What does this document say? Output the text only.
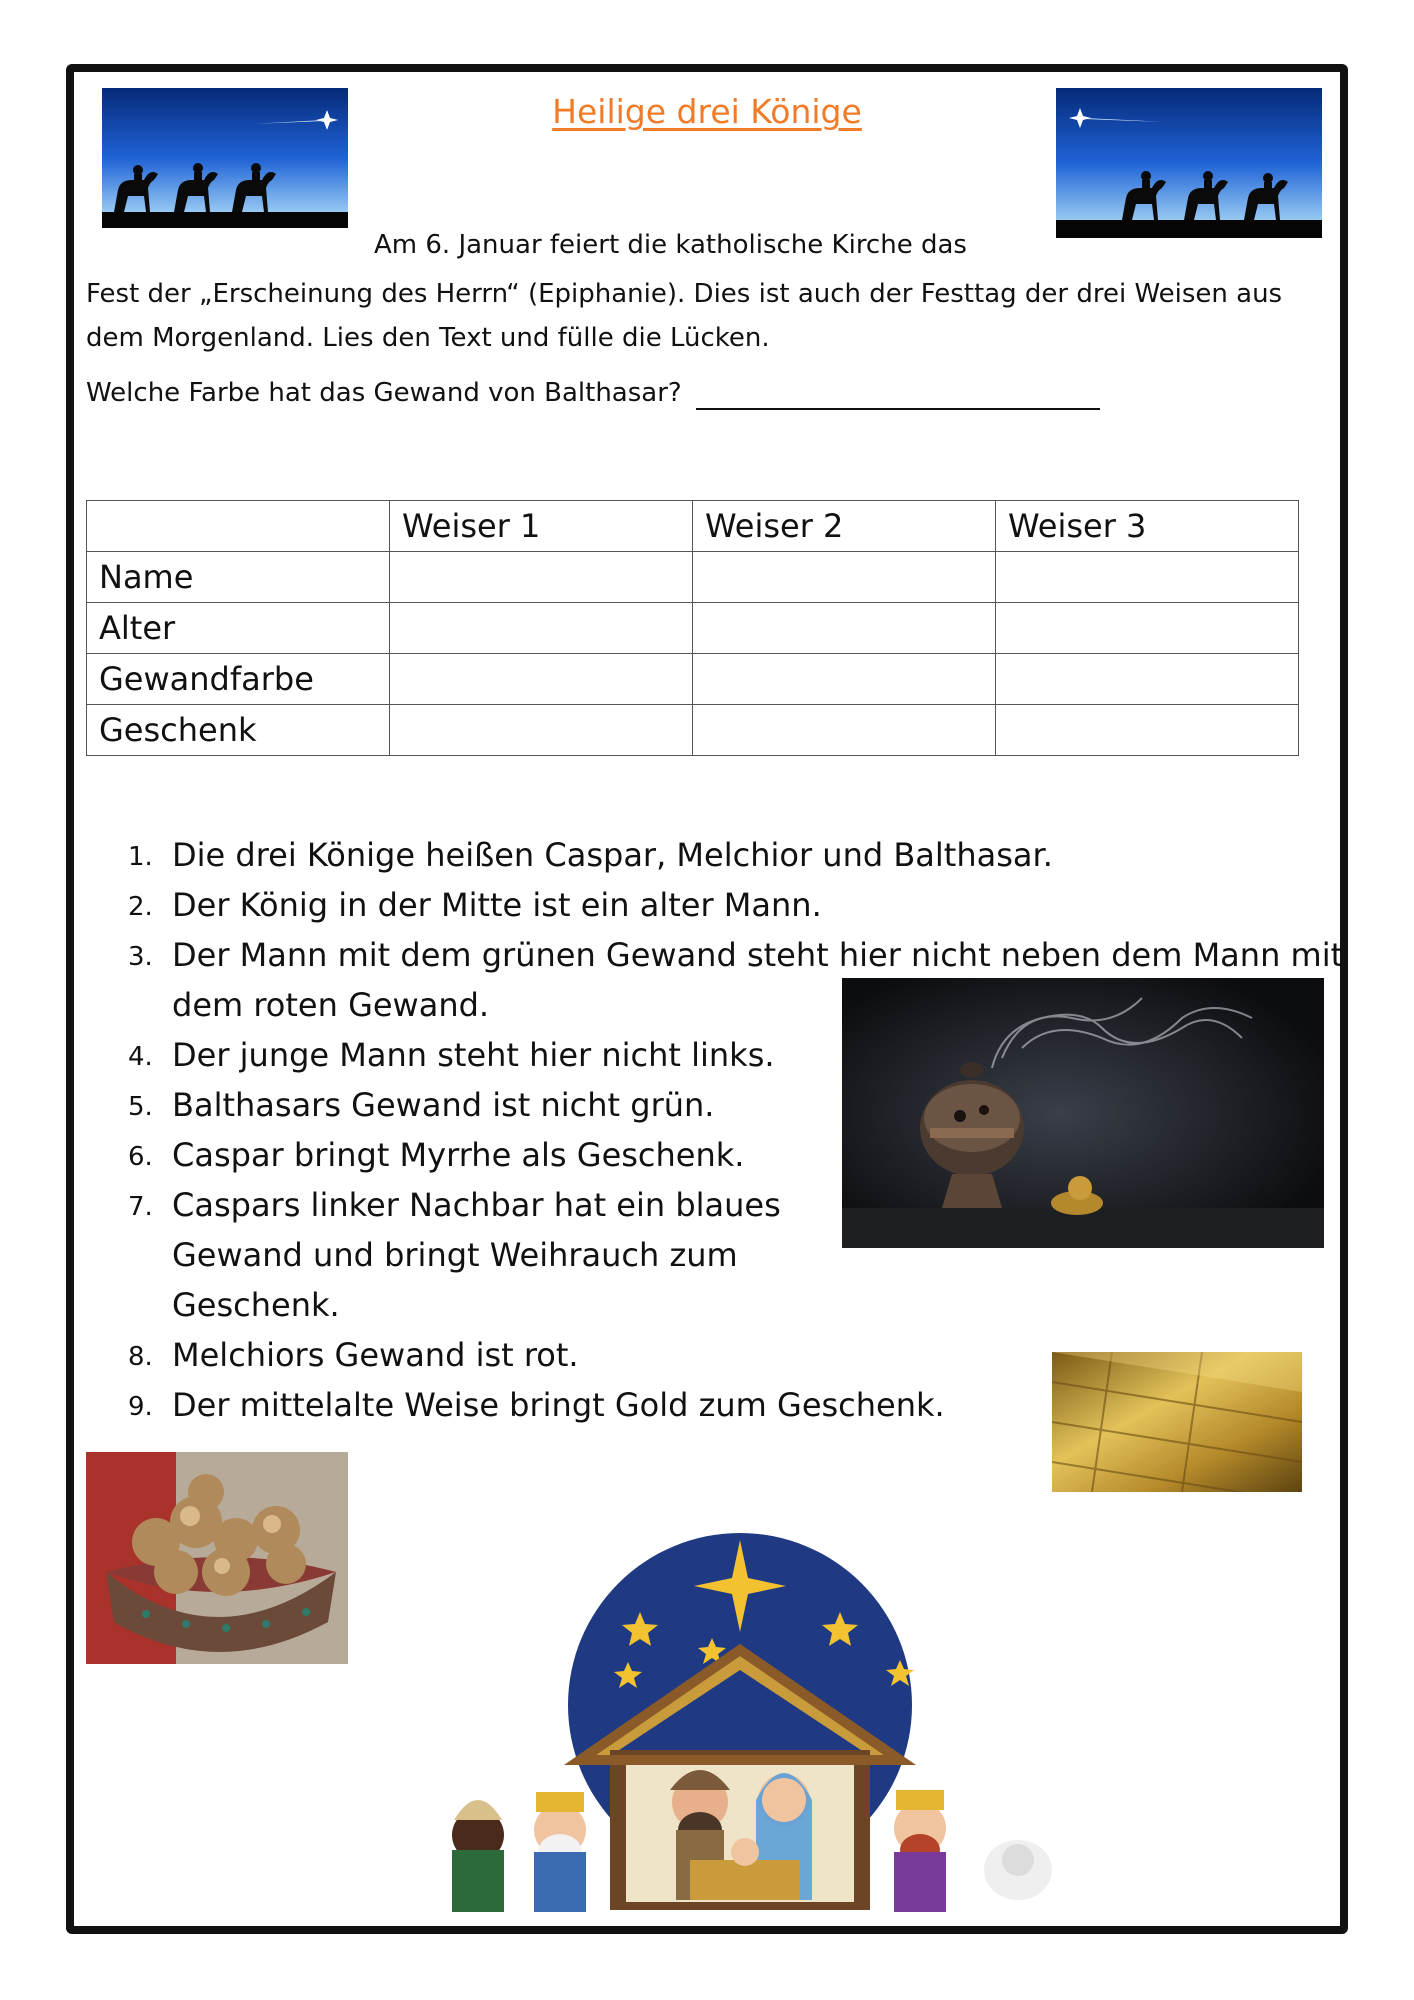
Heilige drei Könige
Am 6. Januar feiert die katholische Kirche das
Fest der „Erscheinung des Herrn“ (Epiphanie). Dies ist auch der Festtag der drei Weisen aus dem Morgenland. Lies den Text und fülle die Lücken.
Welche Farbe hat das Gewand von Balthasar?
	Weiser 1	Weiser 2	Weiser 3
Name			
Alter			
Gewandfarbe			
Geschenk			
1. Die drei Könige heißen Caspar, Melchior und Balthasar.
2. Der König in der Mitte ist ein alter Mann.
3. Der Mann mit dem grünen Gewand steht hier nicht neben dem Mann mit
dem roten Gewand.
4. Der junge Mann steht hier nicht links.
5. Balthasars Gewand ist nicht grün.
6. Caspar bringt Myrrhe als Geschenk.
7. Caspars linker Nachbar hat ein blaues
Gewand und bringt Weihrauch zum
Geschenk.
8. Melchiors Gewand ist rot.
9. Der mittelalte Weise bringt Gold zum Geschenk.
